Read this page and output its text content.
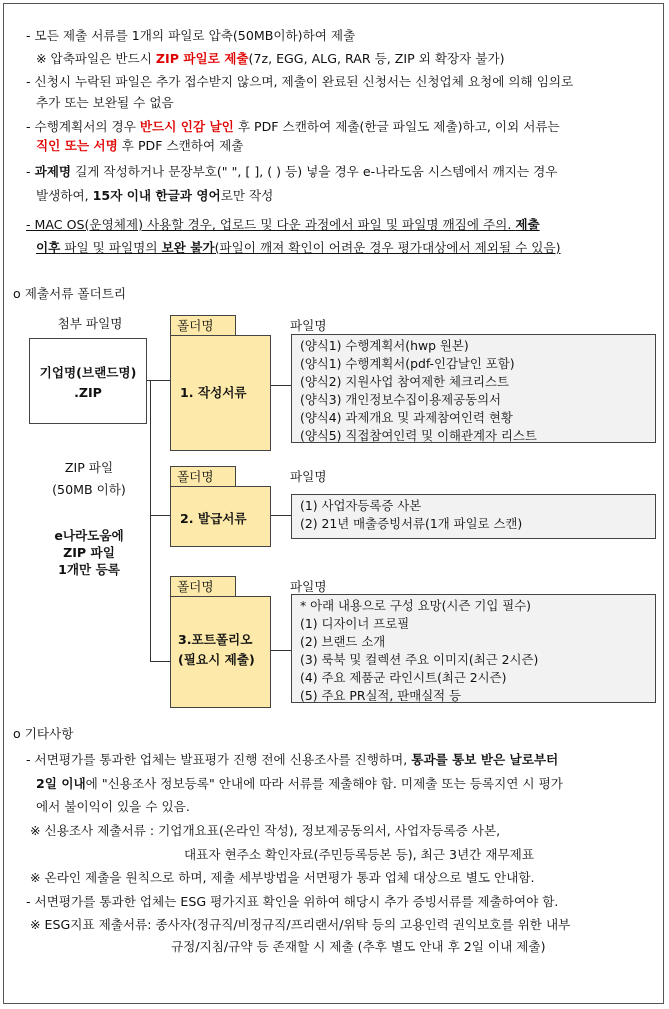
- 모든 제출 서류를 1개의 파일로 압축(50MB이하)하여 제출
※ 압축파일은 반드시 ZIP 파일로 제출(7z, EGG, ALG, RAR 등, ZIP 외 확장자 불가)
- 신청시 누락된 파일은 추가 접수받지 않으며, 제출이 완료된 신청서는 신청업체 요청에 의해 임의로
추가 또는 보완될 수 없음
- 수행계획서의 경우 반드시 인감 날인 후 PDF 스캔하여 제출(한글 파일도 제출)하고, 이외 서류는
직인 또는 서명 후 PDF 스캔하여 제출
- 과제명 길게 작성하거나 문장부호(" ", [ ], ( ) 등) 넣을 경우 e-나라도움 시스템에서 깨지는 경우
발생하여, 15자 이내 한글과 영어로만 작성
- MAC OS(운영체제) 사용할 경우, 업로드 및 다운 과정에서 파일 및 파일명 깨짐에 주의. 제출
이후 파일 및 파일명의 보완 불가(파일이 깨져 확인이 어려운 경우 평가대상에서 제외될 수 있음)
o 제출서류 폴더트리
첨부 파일명
기업명(브랜드명)
.ZIP
ZIP 파일
(50MB 이하)
e나라도움에
ZIP 파일
1개만 등록
폴더명
1. 작성서류
파일명
(양식1) 수행계획서(hwp 원본)
(양식1) 수행계획서(pdf-인감날인 포함)
(양식2) 지원사업 참여제한 체크리스트
(양식3) 개인정보수집이용제공동의서
(양식4) 과제개요 및 과제참여인력 현황
(양식5) 직접참여인력 및 이해관계자 리스트
폴더명
2. 발급서류
파일명
(1) 사업자등록증 사본
(2) 21년 매출증빙서류(1개 파일로 스캔)
폴더명
3.포트폴리오
(필요시 제출)
파일명
* 아래 내용으로 구성 요망(시즌 기입 필수)
(1) 디자이너 프로필
(2) 브랜드 소개
(3) 룩북 및 컬렉션 주요 이미지(최근 2시즌)
(4) 주요 제품군 라인시트(최근 2시즌)
(5) 주요 PR실적, 판매실적 등
o 기타사항
- 서면평가를 통과한 업체는 발표평가 진행 전에 신용조사를 진행하며, 통과를 통보 받은 날로부터
2일 이내에 "신용조사 정보등록" 안내에 따라 서류를 제출해야 함. 미제출 또는 등록지연 시 평가
에서 불이익이 있을 수 있음.
※ 신용조사 제출서류 : 기업개요표(온라인 작성), 정보제공동의서, 사업자등록증 사본,
대표자 현주소 확인자료(주민등록등본 등), 최근 3년간 재무제표
※ 온라인 제출을 원칙으로 하며, 제출 세부방법을 서면평가 통과 업체 대상으로 별도 안내함.
- 서면평가를 통과한 업체는 ESG 평가지표 확인을 위하여 해당시 추가 증빙서류를 제출하여야 함.
※ ESG지표 제출서류: 종사자(정규직/비정규직/프리랜서/위탁 등의 고용인력 권익보호를 위한 내부
규정/지침/규약 등 존재할 시 제출 (추후 별도 안내 후 2일 이내 제출)
